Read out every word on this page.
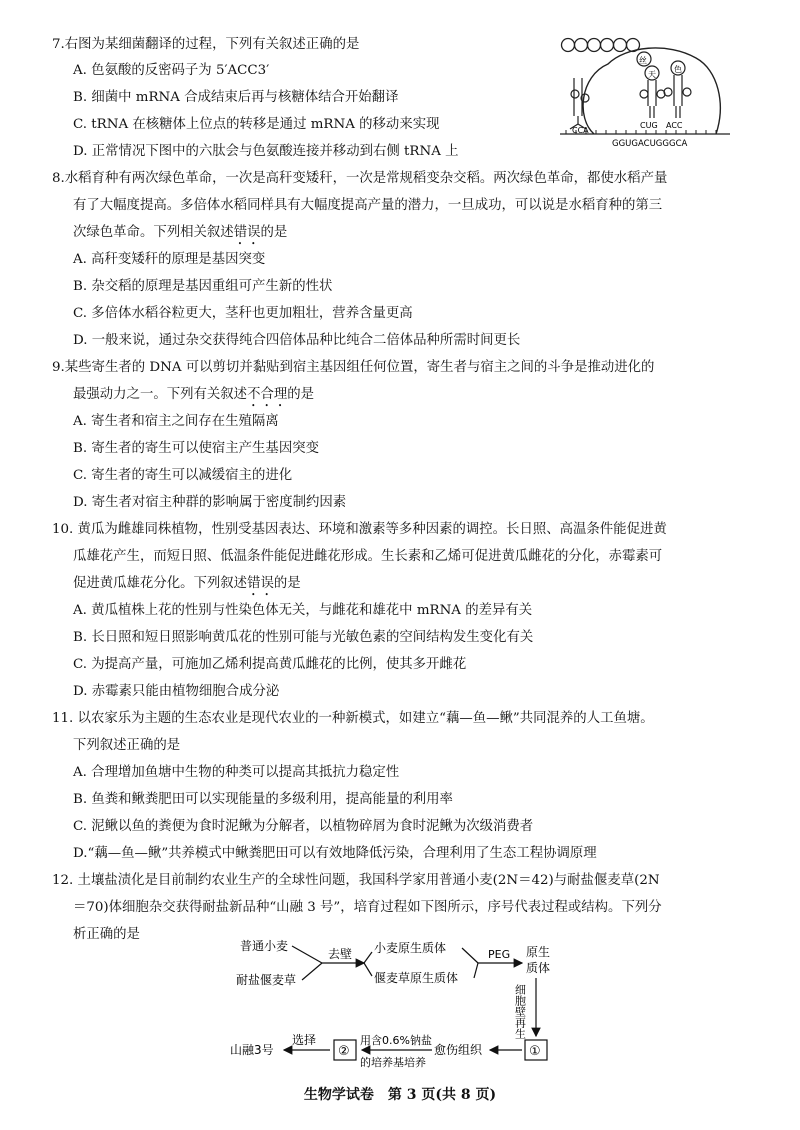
7.右图为某细菌翻译的过程，下列有关叙述正确的是
A. 色氨酸的反密码子为 5′ACC3′
B. 细菌中 mRNA 合成结束后再与核糖体结合开始翻译
C. tRNA 在核糖体上位点的转移是通过 mRNA 的移动来实现
D. 正常情况下图中的六肽会与色氨酸连接并移动到右侧 tRNA 上
CCA
丝
天
CUG
色
ACC
GGUGACUGGGCA
8.水稻育种有两次绿色革命，一次是高秆变矮秆，一次是常规稻变杂交稻。两次绿色革命，都使水稻产量
有了大幅度提高。多倍体水稻同样具有大幅度提高产量的潜力，一旦成功，可以说是水稻育种的第三
次绿色革命。下列相关叙述错误的是
A. 高秆变矮秆的原理是基因突变
B. 杂交稻的原理是基因重组可产生新的性状
C. 多倍体水稻谷粒更大，茎秆也更加粗壮，营养含量更高
D. 一般来说，通过杂交获得纯合四倍体品种比纯合二倍体品种所需时间更长
9.某些寄生者的 DNA 可以剪切并黏贴到宿主基因组任何位置，寄生者与宿主之间的斗争是推动进化的
最强动力之一。下列有关叙述不合理的是
A. 寄生者和宿主之间存在生殖隔离
B. 寄生者的寄生可以使宿主产生基因突变
C. 寄生者的寄生可以减缓宿主的进化
D. 寄生者对宿主种群的影响属于密度制约因素
10. 黄瓜为雌雄同株植物，性别受基因表达、环境和激素等多种因素的调控。长日照、高温条件能促进黄
瓜雄花产生，而短日照、低温条件能促进雌花形成。生长素和乙烯可促进黄瓜雌花的分化，赤霉素可
促进黄瓜雄花分化。下列叙述错误的是
A. 黄瓜植株上花的性别与性染色体无关，与雌花和雄花中 mRNA 的差异有关
B. 长日照和短日照影响黄瓜花的性别可能与光敏色素的空间结构发生变化有关
C. 为提高产量，可施加乙烯利提高黄瓜雌花的比例，使其多开雌花
D. 赤霉素只能由植物细胞合成分泌
11. 以农家乐为主题的生态农业是现代农业的一种新模式，如建立“藕—鱼—鳅”共同混养的人工鱼塘。
下列叙述正确的是
A. 合理增加鱼塘中生物的种类可以提高其抵抗力稳定性
B. 鱼粪和鳅粪肥田可以实现能量的多级利用，提高能量的利用率
C. 泥鳅以鱼的粪便为食时泥鳅为分解者，以植物碎屑为食时泥鳅为次级消费者
D.“藕—鱼—鳅”共养模式中鳅粪肥田可以有效地降低污染，合理利用了生态工程协调原理
12. 土壤盐渍化是目前制约农业生产的全球性问题，我国科学家用普通小麦(2N＝42)与耐盐偃麦草(2N
＝70)体细胞杂交获得耐盐新品种“山融 3 号”，培育过程如下图所示，序号代表过程或结构。下列分
析正确的是
普通小麦
耐盐偃麦草
去壁 小麦原生质体
偃麦草原生质体
PEG 原生
质体
细胞壁再生
①
愈伤组织
用含0.6%钠盐
的培养基培养
②
选择
山融3号
生物学试卷　第 3 页(共 8 页)
